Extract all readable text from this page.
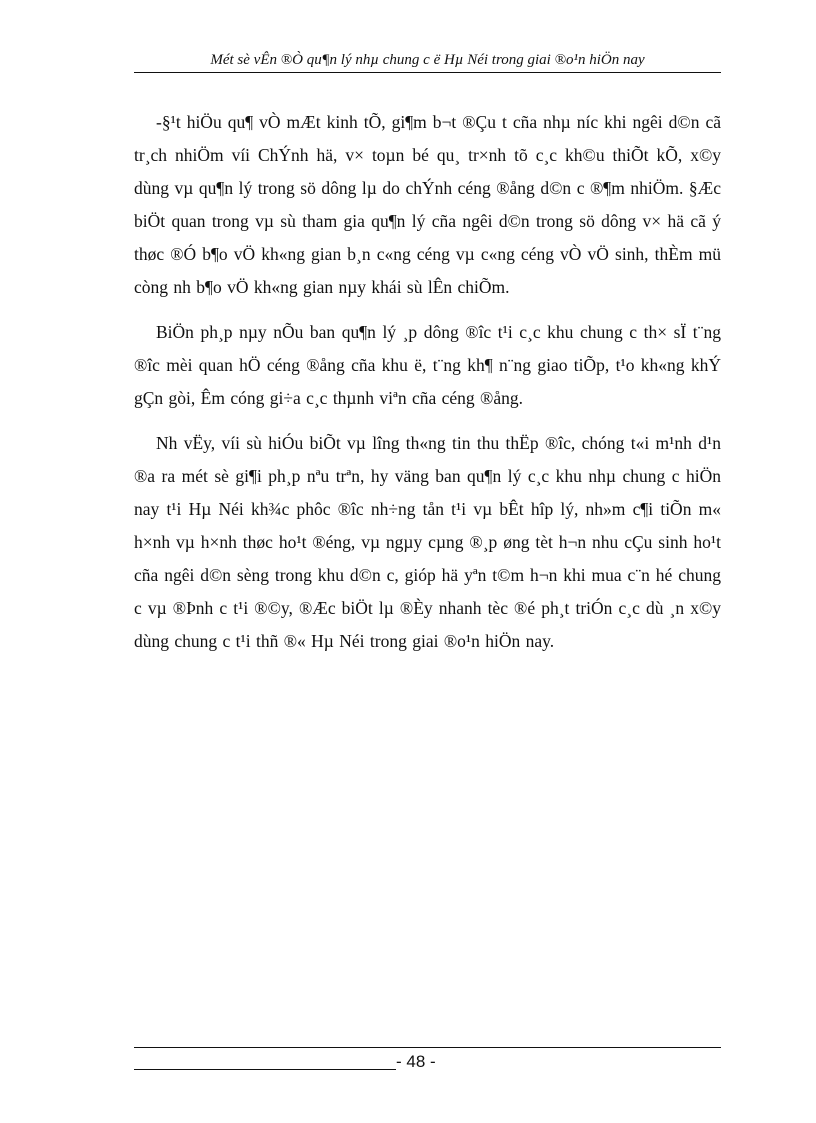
Mét sè vÊn ®Ò qu¶n lý nhµ chung c ë Hµ Néi trong giai ®o¹n hiÖn nay

-§¹t hiÖu qu¶ vÒ mÆt kinh tÕ, gi¶m b¬t ®Çu t cña nhµ níc khi ngêi d©n cã tr¸ch nhiÖm víi ChÝnh hä, v× toµn bé qu¸ tr×nh tõ c¸c kh©u thiÕt kÕ, x©y dùng vµ qu¶n lý trong sö dông lµ do chÝnh céng ®ång d©n c ®¶m nhiÖm. §Æc biÖt quan trong vµ sù tham gia qu¶n lý cña ngêi d©n trong sö dông v× hä cã ý thøc ®Ó b¶o vÖ kh«ng gian b¸n c«ng céng vµ c«ng céng vÒ vÖ sinh, thÈm mü còng nh b¶o vÖ kh«ng gian nµy khái sù lÊn chiÕm.

BiÖn ph¸p nµy nÕu ban qu¶n lý ¸p dông ®îc t¹i c¸c khu chung c th× sÏ t¨ng ®îc mèi quan hÖ céng ®ång cña khu ë, t¨ng kh¶ n¨ng giao tiÕp, t¹o kh«ng khÝ gÇn gòi, Êm cóng gi÷a c¸c thµnh viªn cña céng ®ång.

Nh vËy, víi sù hiÓu biÕt vµ lîng th«ng tin thu thËp ®îc, chóng t«i m¹nh d¹n ®a ra mét sè gi¶i ph¸p nªu trªn, hy väng ban qu¶n lý c¸c khu nhµ chung c hiÖn nay t¹i Hµ Néi kh¾c phôc ®îc nh÷ng tån t¹i vµ bÊt hîp lý, nh»m c¶i tiÕn m« h×nh vµ h×nh thøc ho¹t ®éng, vµ ngµy cµng ®¸p øng tèt h¬n nhu cÇu sinh ho¹t cña ngêi d©n sèng trong khu d©n c, gióp hä yªn t©m h¬n khi mua c¨n hé chung c vµ ®Þnh c t¹i ®©y, ®Æc biÖt lµ ®Èy nhanh tèc ®é ph¸t triÓn c¸c dù ¸n x©y dùng chung c t¹i thñ ®« Hµ Néi trong giai ®o¹n hiÖn nay.

- 48 -
